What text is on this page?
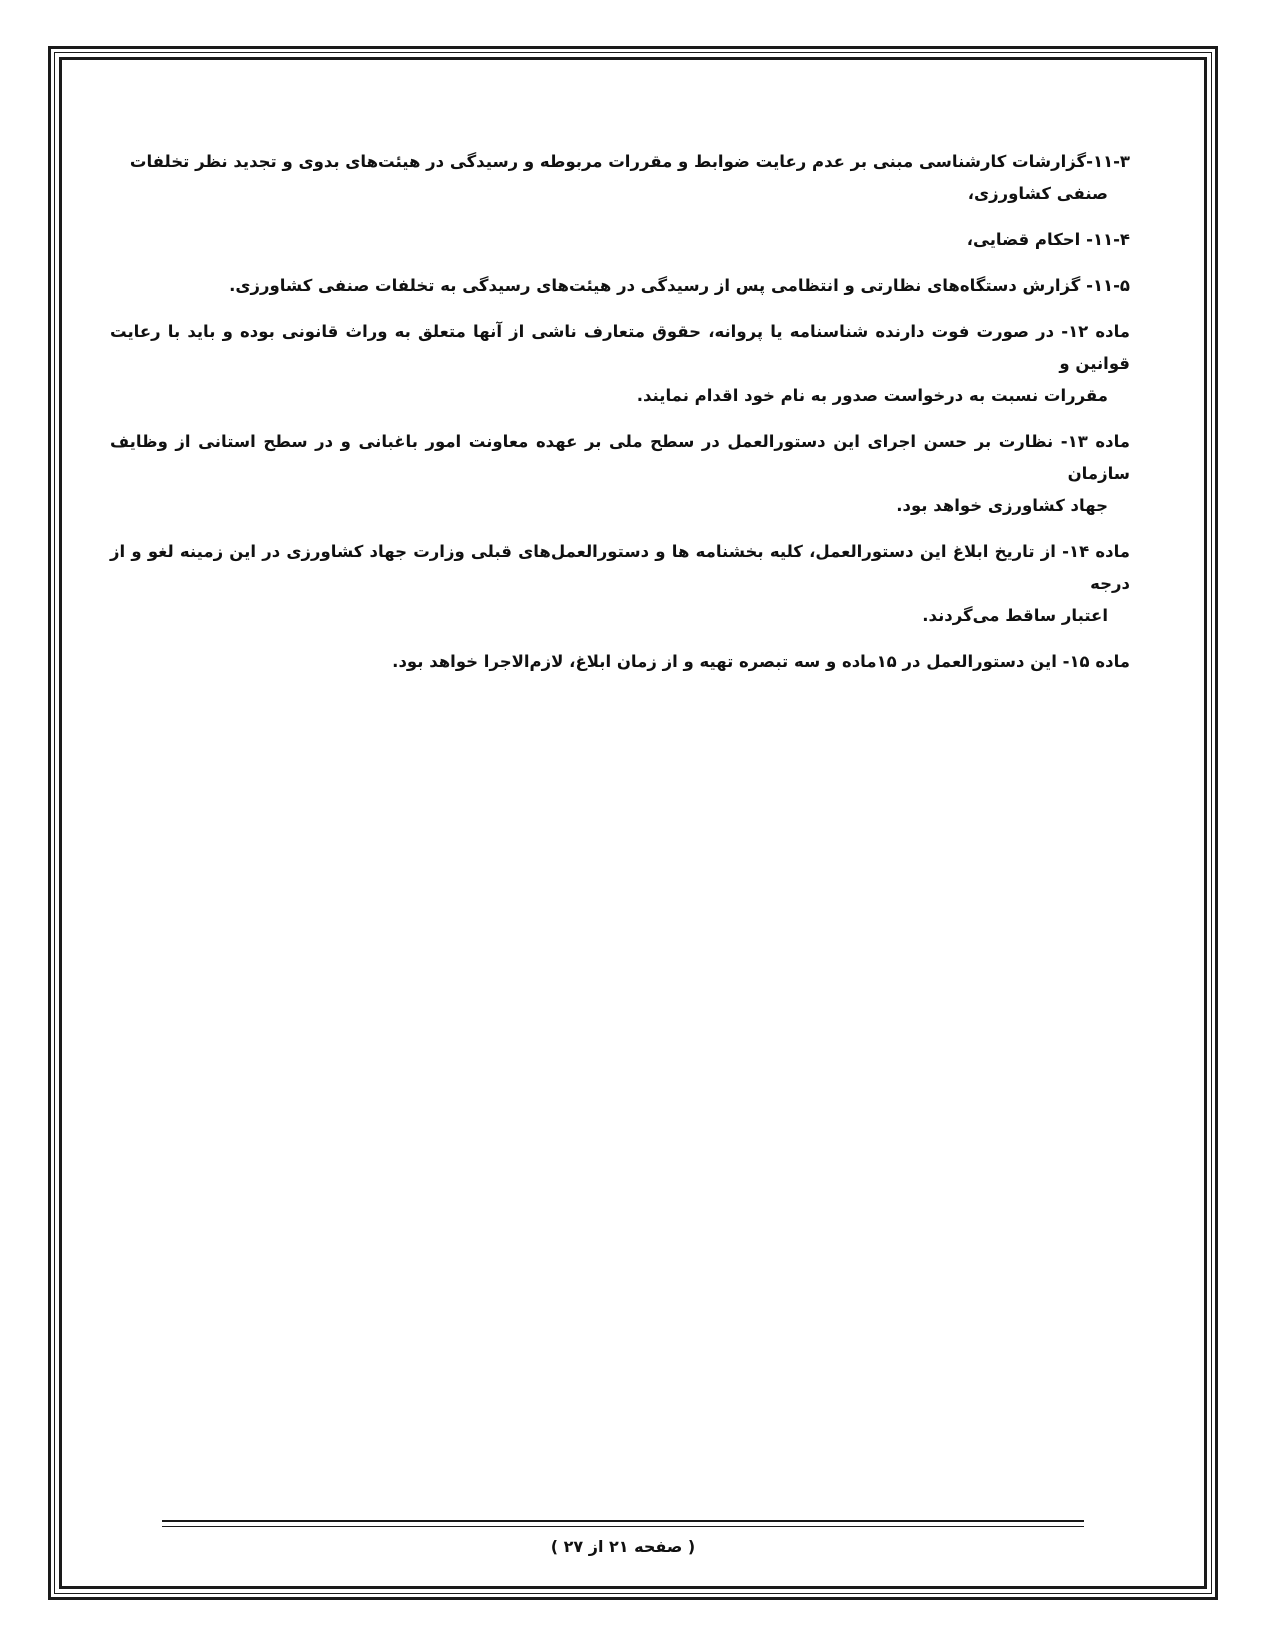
۱۱-۳-گزارشات کارشناسی مبنی بر عدم رعایت ضوابط و مقررات مربوطه و رسیدگی در هیئت‌های بدوی و تجدید نظر تخلفات
صنفی کشاورزی،

۱۱-۴- احکام قضایی،

۱۱-۵- گزارش دستگاه‌های نظارتی و انتظامی پس از رسیدگی در هیئت‌های رسیدگی به تخلفات صنفی کشاورزی.

ماده ۱۲- در صورت فوت دارنده شناسنامه یا پروانه، حقوق متعارف ناشی از آنها متعلق به وراث قانونی بوده و باید با رعایت قوانین و
مقررات نسبت به درخواست صدور به نام خود اقدام نمایند.

ماده ۱۳- نظارت بر حسن اجرای این دستورالعمل در سطح ملی بر عهده معاونت امور باغبانی و در سطح استانی از وظایف سازمان
جهاد کشاورزی خواهد بود.

ماده ۱۴- از تاریخ ابلاغ این دستورالعمل، کلیه بخشنامه ها و دستورالعمل‌های قبلی وزارت جهاد کشاورزی در این زمینه لغو و از درجه
اعتبار ساقط می‌گردند.

ماده ۱۵- این دستورالعمل در ۱۵ماده و سه تبصره تهیه و از زمان ابلاغ، لازم‌الاجرا خواهد بود.

( صفحه ۲۱ از ۲۷ )
